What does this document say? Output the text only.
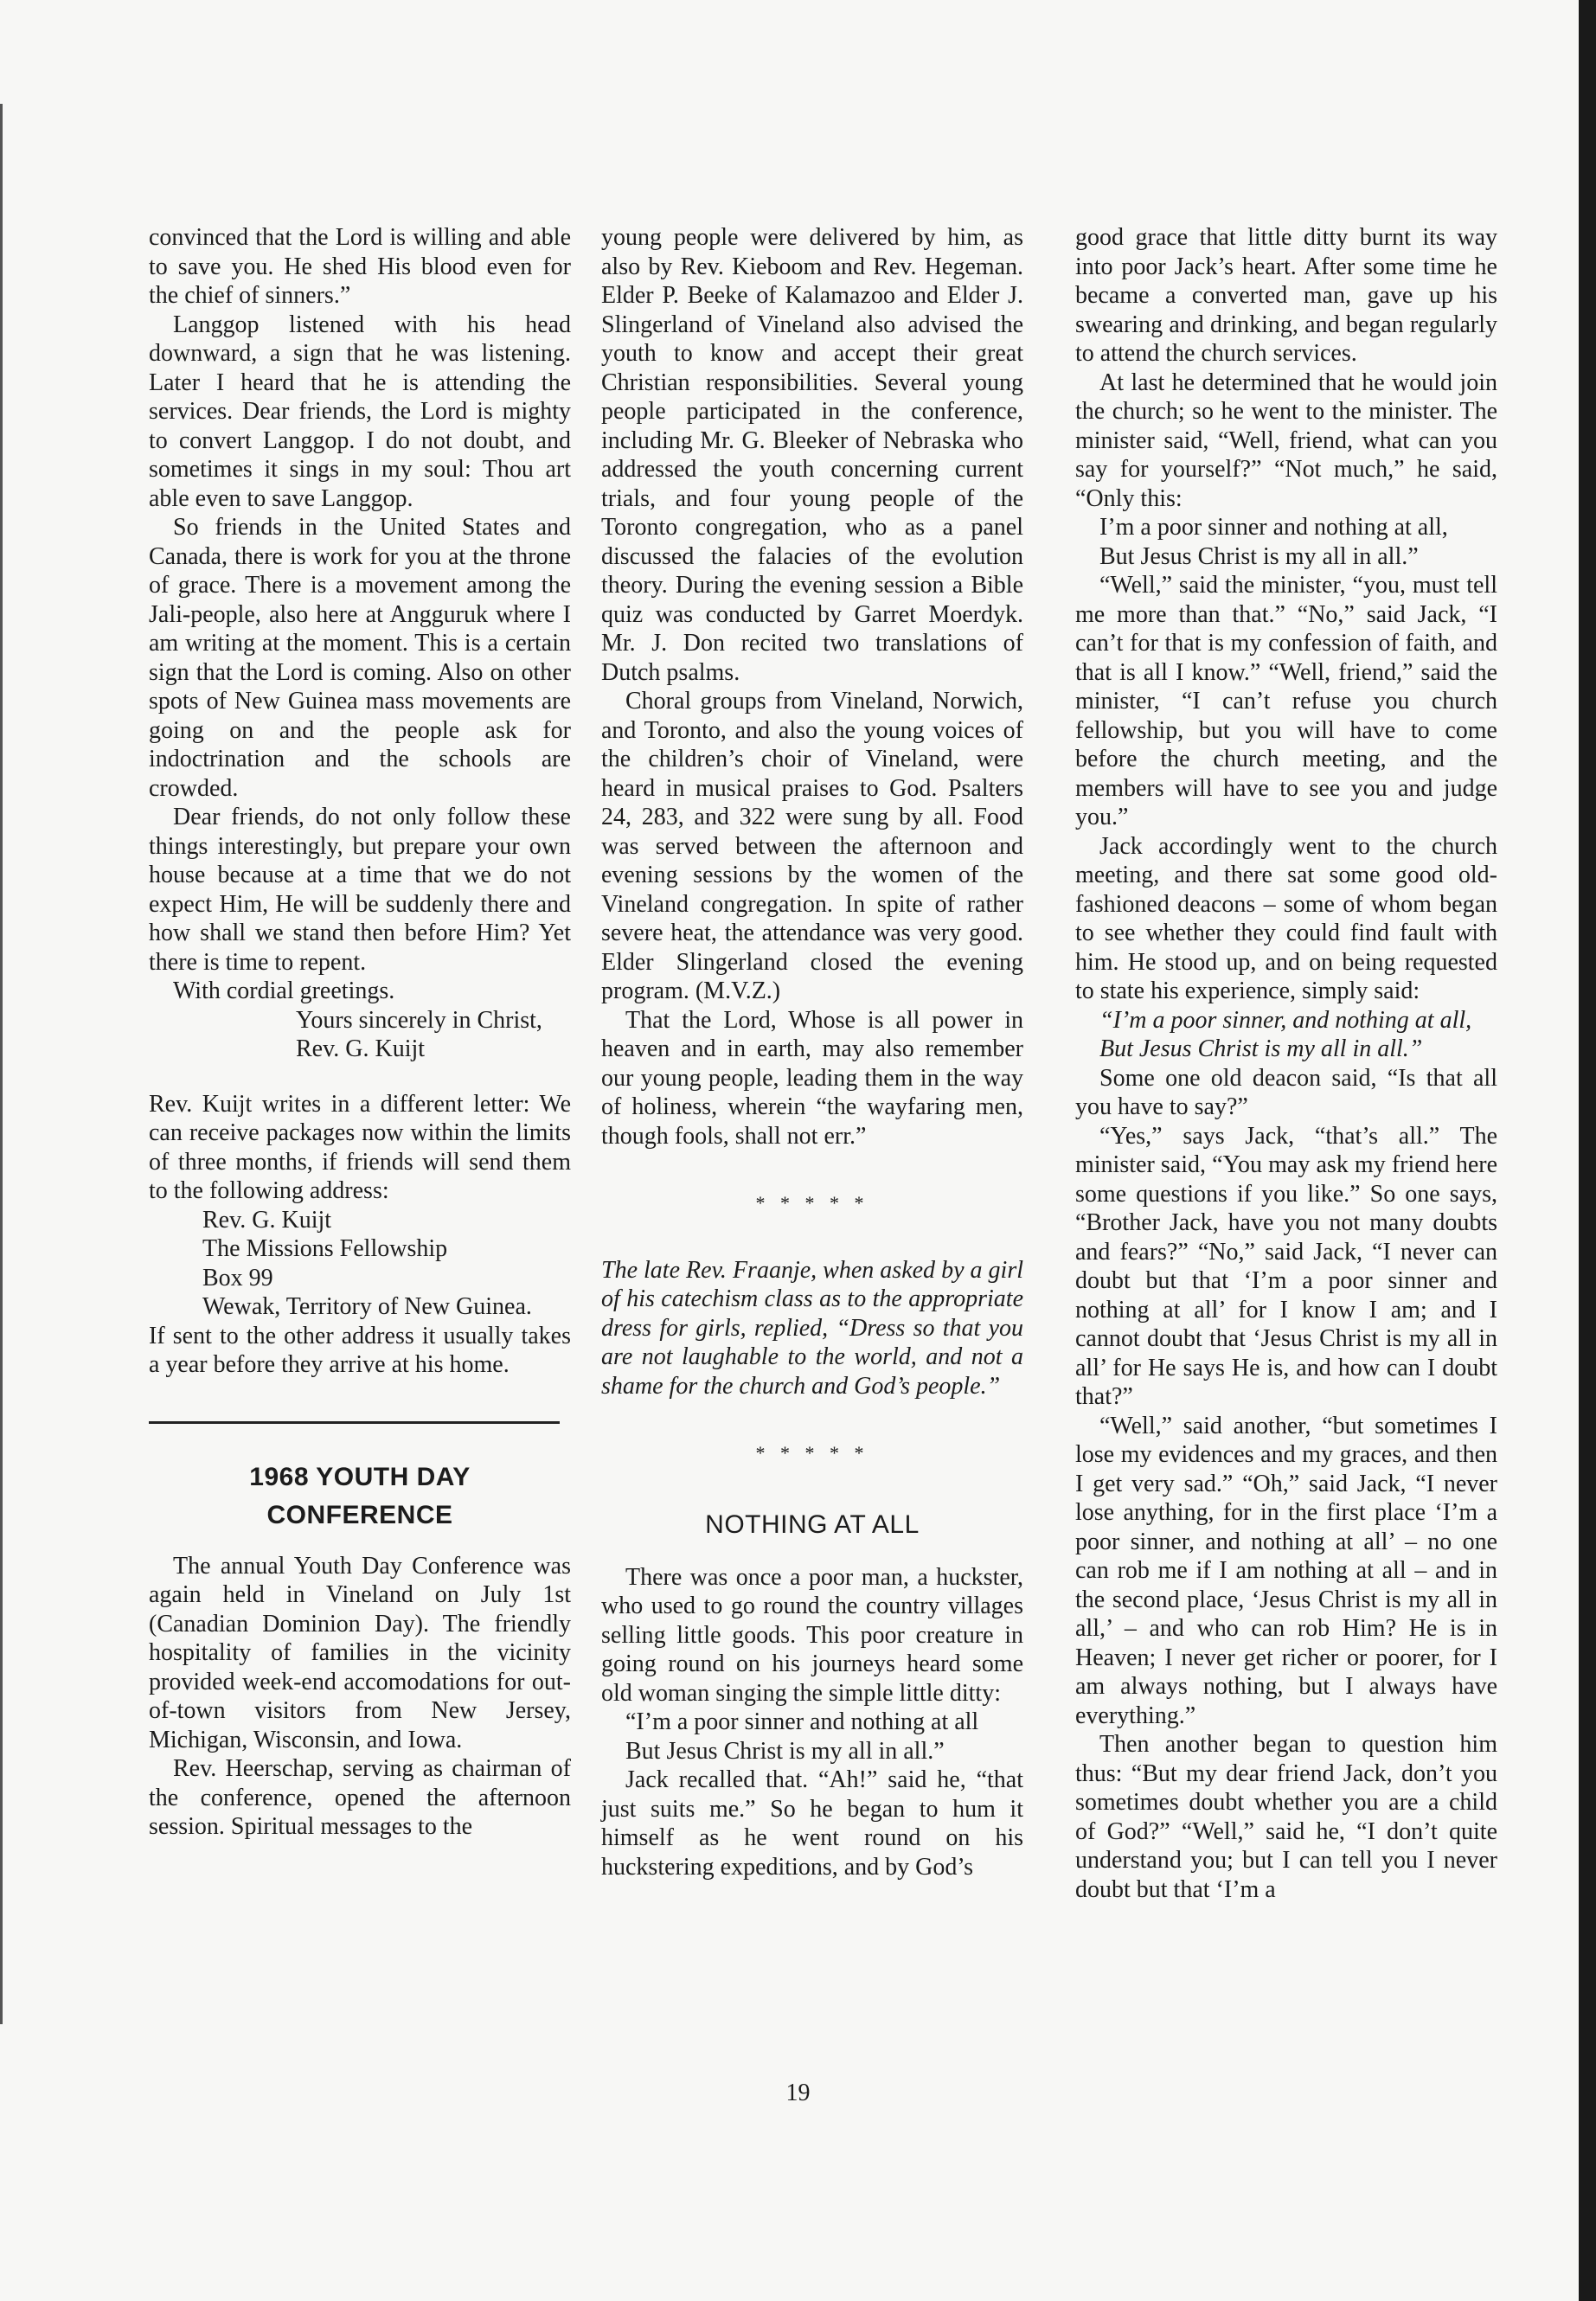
convinced that the Lord is willing and able to save you. He shed His blood even for the chief of sinners.”

Langgop listened with his head downward, a sign that he was listening. Later I heard that he is attending the services. Dear friends, the Lord is mighty to convert Langgop. I do not doubt, and sometimes it sings in my soul: Thou art able even to save Langgop.

So friends in the United States and Canada, there is work for you at the throne of grace. There is a movement among the Jali-people, also here at Angguruk where I am writing at the moment. This is a certain sign that the Lord is coming. Also on other spots of New Guinea mass movements are going on and the people ask for indoctrination and the schools are crowded.

Dear friends, do not only follow these things interestingly, but prepare your own house because at a time that we do not expect Him, He will be suddenly there and how shall we stand then before Him? Yet there is time to repent.

With cordial greetings.

Yours sincerely in Christ,

Rev. G. Kuijt

Rev. Kuijt writes in a different letter: We can receive packages now within the limits of three months, if friends will send them to the following address:

Rev. G. Kuijt

The Missions Fellowship

Box 99

Wewak, Territory of New Guinea.

If sent to the other address it usually takes a year before they arrive at his home.

1968 YOUTH DAY
CONFERENCE

The annual Youth Day Conference was again held in Vineland on July 1st (Canadian Dominion Day). The friendly hospitality of families in the vicinity provided week-end accomodations for out-of-town visitors from New Jersey, Michigan, Wisconsin, and Iowa.

Rev. Heerschap, serving as chairman of the conference, opened the afternoon session. Spiritual messages to the

young people were delivered by him, as also by Rev. Kieboom and Rev. Hegeman. Elder P. Beeke of Kalamazoo and Elder J. Slingerland of Vineland also advised the youth to know and accept their great Christian responsibilities. Several young people participated in the conference, including Mr. G. Bleeker of Nebraska who addressed the youth concerning current trials, and four young people of the Toronto congregation, who as a panel discussed the falacies of the evolution theory. During the evening session a Bible quiz was conducted by Garret Moerdyk. Mr. J. Don recited two translations of Dutch psalms.

Choral groups from Vineland, Norwich, and Toronto, and also the young voices of the children’s choir of Vineland, were heard in musical praises to God. Psalters 24, 283, and 322 were sung by all. Food was served between the afternoon and evening sessions by the women of the Vineland congregation. In spite of rather severe heat, the attendance was very good. Elder Slingerland closed the evening program. (M.V.Z.)

That the Lord, Whose is all power in heaven and in earth, may also remember our young people, leading them in the way of holiness, wherein “the wayfaring men, though fools, shall not err.”

* * * * *

The late Rev. Fraanje, when asked by a girl of his catechism class as to the appropriate dress for girls, replied, “Dress so that you are not laughable to the world, and not a shame for the church and God’s people.”

* * * * *
NOTHING AT ALL

There was once a poor man, a huckster, who used to go round the country villages selling little goods. This poor creature in going round on his journeys heard some old woman singing the simple little ditty:

“I’m a poor sinner and nothing at all

But Jesus Christ is my all in all.”

Jack recalled that. “Ah!” said he, “that just suits me.” So he began to hum it himself as he went round on his huckstering expeditions, and by God’s

good grace that little ditty burnt its way into poor Jack’s heart. After some time he became a converted man, gave up his swearing and drinking, and began regularly to attend the church services.

At last he determined that he would join the church; so he went to the minister. The minister said, “Well, friend, what can you say for yourself?” “Not much,” he said, “Only this:

I’m a poor sinner and nothing at all,

But Jesus Christ is my all in all.”

“Well,” said the minister, “you, must tell me more than that.” “No,” said Jack, “I can’t for that is my confession of faith, and that is all I know.” “Well, friend,” said the minister, “I can’t refuse you church fellowship, but you will have to come before the church meeting, and the members will have to see you and judge you.”

Jack accordingly went to the church meeting, and there sat some good old-fashioned deacons – some of whom began to see whether they could find fault with him. He stood up, and on being requested to state his experience, simply said:

“I’m a poor sinner, and nothing at all,

But Jesus Christ is my all in all.”

Some one old deacon said, “Is that all you have to say?”

“Yes,” says Jack, “that’s all.” The minister said, “You may ask my friend here some questions if you like.” So one says, “Brother Jack, have you not many doubts and fears?” “No,” said Jack, “I never can doubt but that ‘I’m a poor sinner and nothing at all’ for I know I am; and I cannot doubt that ‘Jesus Christ is my all in all’ for He says He is, and how can I doubt that?”

“Well,” said another, “but sometimes I lose my evidences and my graces, and then I get very sad.” “Oh,” said Jack, “I never lose anything, for in the first place ‘I’m a poor sinner, and nothing at all’ – no one can rob me if I am nothing at all – and in the second place, ‘Jesus Christ is my all in all,’ – and who can rob Him? He is in Heaven; I never get richer or poorer, for I am always nothing, but I always have everything.”

Then another began to question him thus: “But my dear friend Jack, don’t you sometimes doubt whether you are a child of God?” “Well,” said he, “I don’t quite understand you; but I can tell you I never doubt but that ‘I’m a

19
